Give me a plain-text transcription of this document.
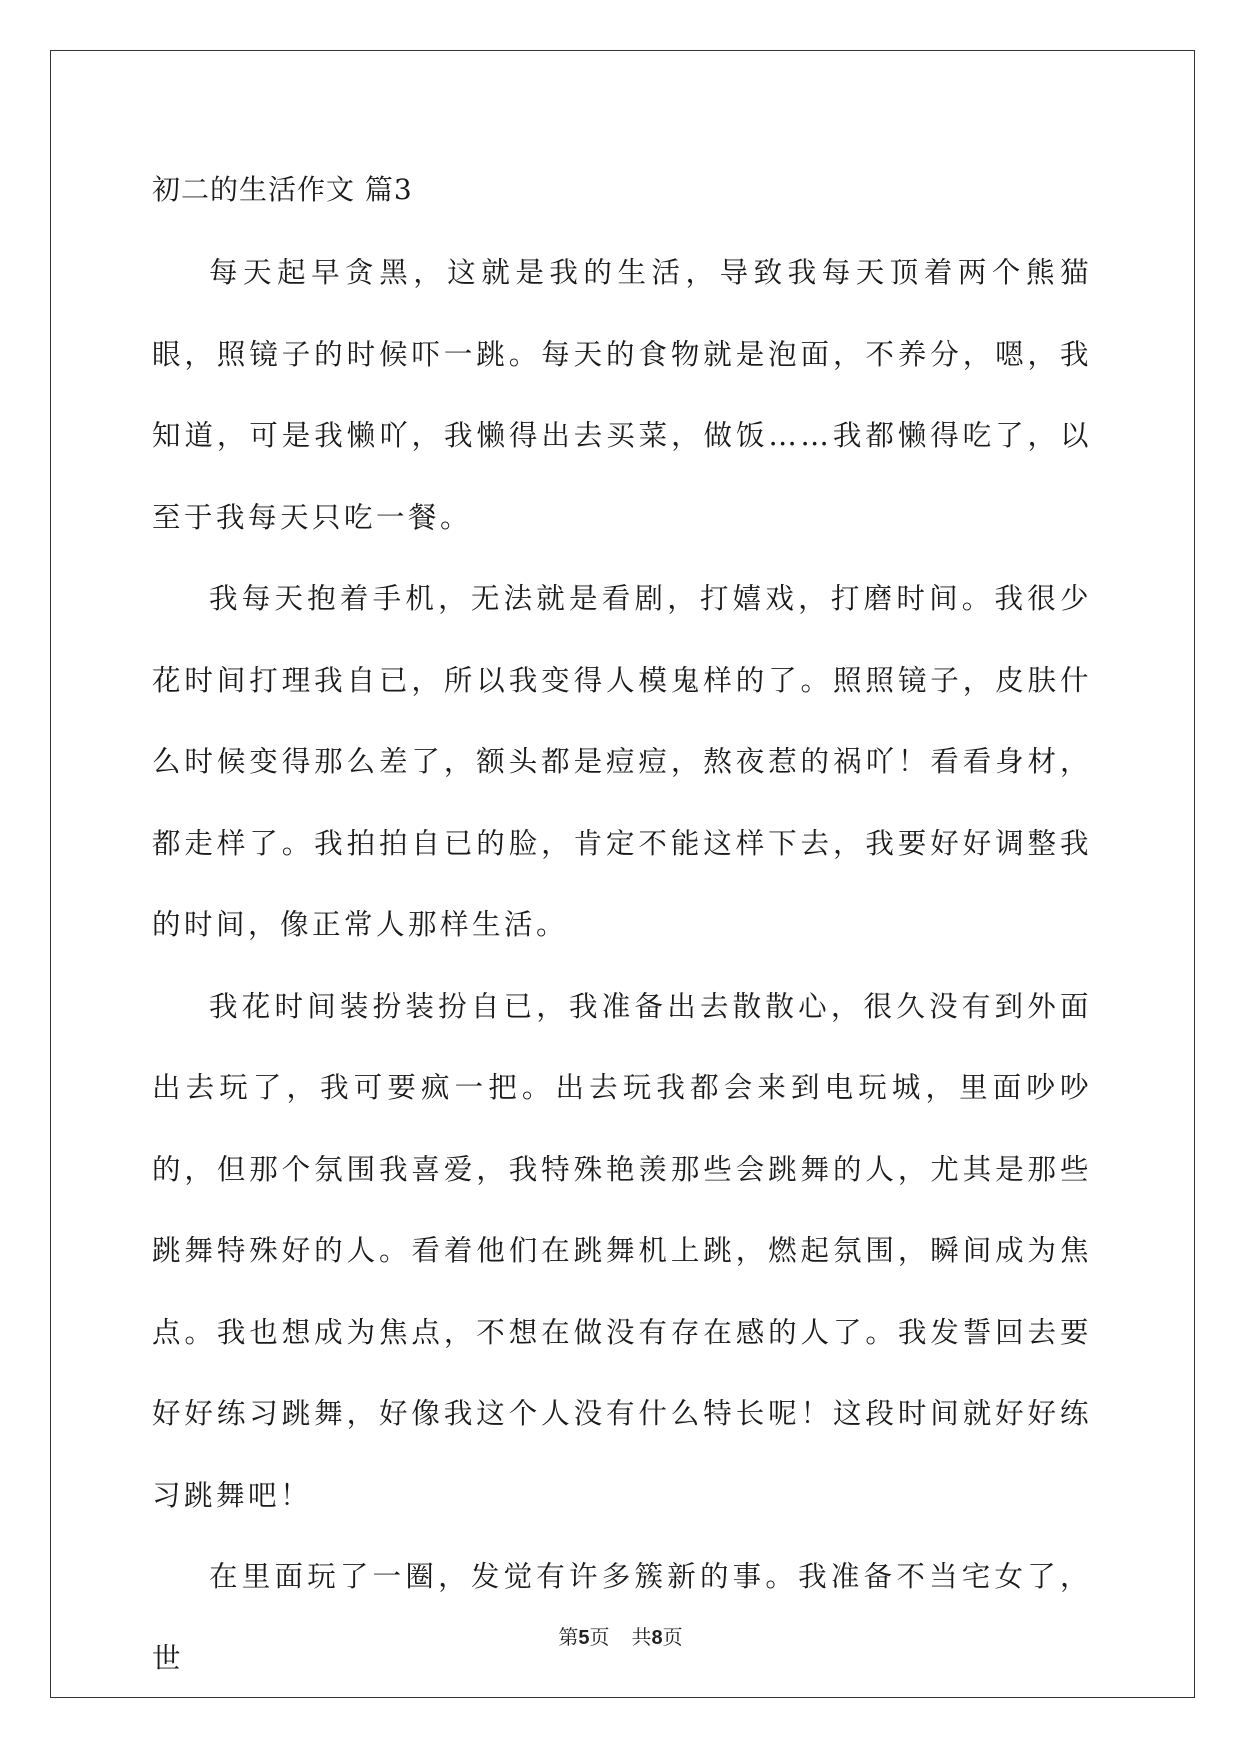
初二的生活作文 篇3

每天起早贪黑，这就是我的生活，导致我每天顶着两个熊猫眼，照镜子的时候吓一跳。每天的食物就是泡面，不养分，嗯，我知道，可是我懒吖，我懒得出去买菜，做饭……我都懒得吃了，以至于我每天只吃一餐。

我每天抱着手机，无法就是看剧，打嬉戏，打磨时间。我很少花时间打理我自已，所以我变得人模鬼样的了。照照镜子，皮肤什么时候变得那么差了，额头都是痘痘，熬夜惹的祸吖！看看身材，都走样了。我拍拍自已的脸，肯定不能这样下去，我要好好调整我的时间，像正常人那样生活。

我花时间装扮装扮自已，我准备出去散散心，很久没有到外面出去玩了，我可要疯一把。出去玩我都会来到电玩城，里面吵吵的，但那个氛围我喜爱，我特殊艳羡那些会跳舞的人，尤其是那些跳舞特殊好的人。看着他们在跳舞机上跳，燃起氛围，瞬间成为焦点。我也想成为焦点，不想在做没有存在感的人了。我发誓回去要好好练习跳舞，好像我这个人没有什么特长呢！这段时间就好好练习跳舞吧！

在里面玩了一圈，发觉有许多簇新的事。我准备不当宅女了，世

第5页 共8页
